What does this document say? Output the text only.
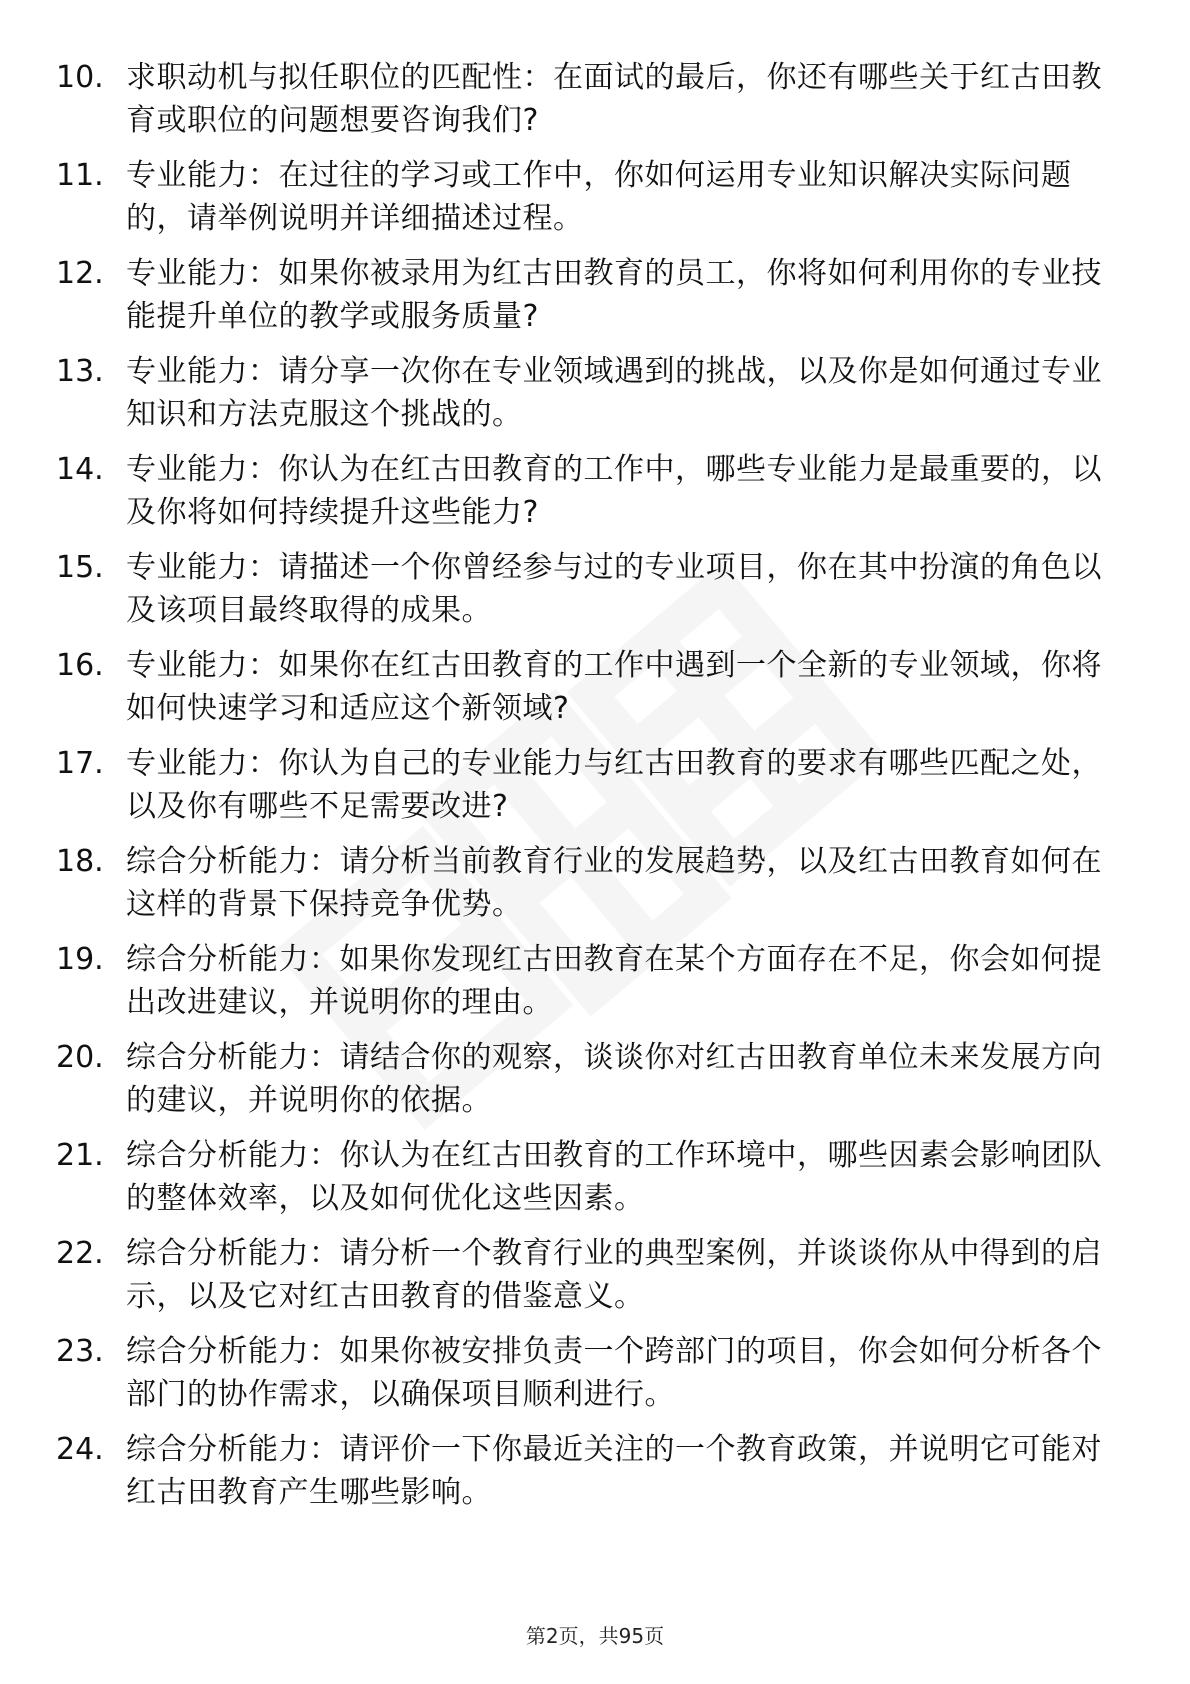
10. 求职动机与拟任职位的匹配性：在面试的最后，你还有哪些关于红古田教育或职位的问题想要咨询我们?
11. 专业能力：在过往的学习或工作中，你如何运用专业知识解决实际问题的，请举例说明并详细描述过程。
12. 专业能力：如果你被录用为红古田教育的员工，你将如何利用你的专业技能提升单位的教学或服务质量?
13. 专业能力：请分享一次你在专业领域遇到的挑战，以及你是如何通过专业知识和方法克服这个挑战的。
14. 专业能力：你认为在红古田教育的工作中，哪些专业能力是最重要的，以及你将如何持续提升这些能力?
15. 专业能力：请描述一个你曾经参与过的专业项目，你在其中扮演的角色以及该项目最终取得的成果。
16. 专业能力：如果你在红古田教育的工作中遇到一个全新的专业领域，你将如何快速学习和适应这个新领域?
17. 专业能力：你认为自己的专业能力与红古田教育的要求有哪些匹配之处，以及你有哪些不足需要改进?
18. 综合分析能力：请分析当前教育行业的发展趋势，以及红古田教育如何在这样的背景下保持竞争优势。
19. 综合分析能力：如果你发现红古田教育在某个方面存在不足，你会如何提出改进建议，并说明你的理由。
20. 综合分析能力：请结合你的观察，谈谈你对红古田教育单位未来发展方向的建议，并说明你的依据。
21. 综合分析能力：你认为在红古田教育的工作环境中，哪些因素会影响团队的整体效率，以及如何优化这些因素。
22. 综合分析能力：请分析一个教育行业的典型案例，并谈谈你从中得到的启示，以及它对红古田教育的借鉴意义。
23. 综合分析能力：如果你被安排负责一个跨部门的项目，你会如何分析各个部门的协作需求，以确保项目顺利进行。
24. 综合分析能力：请评价一下你最近关注的一个教育政策，并说明它可能对红古田教育产生哪些影响。
第2页，共95页
